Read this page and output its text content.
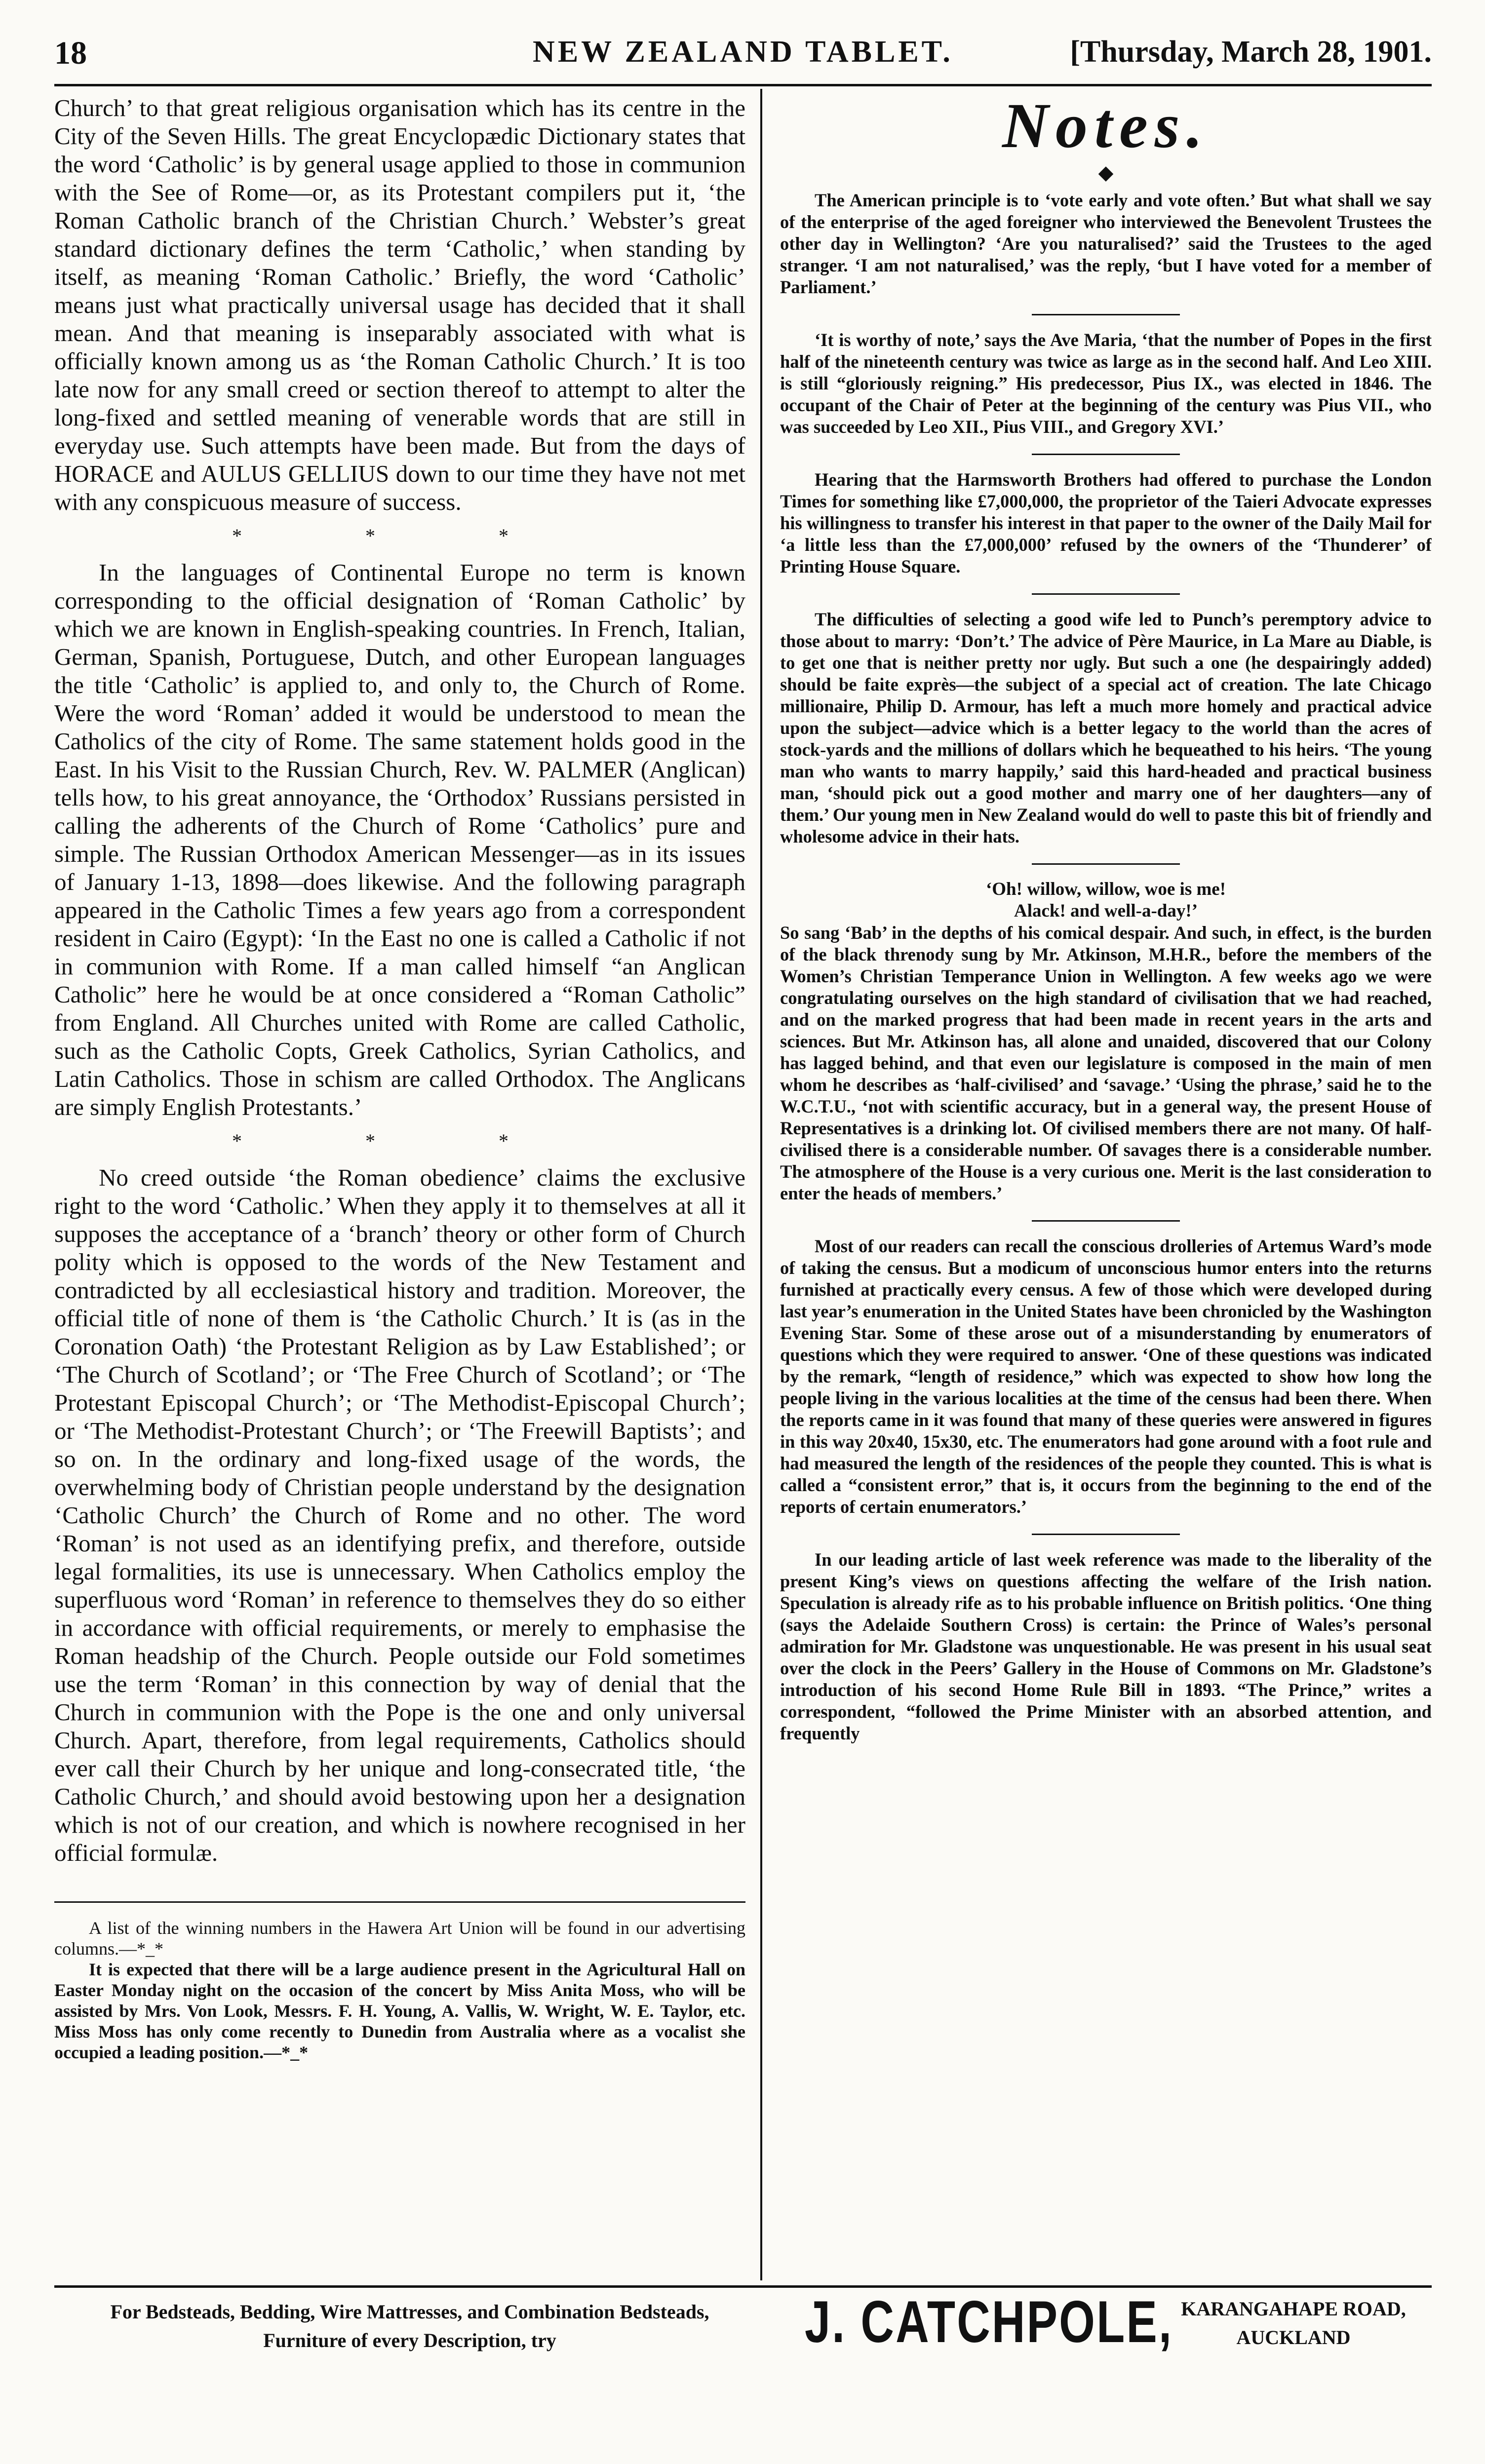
18	NEW ZEALAND TABLET.	[Thursday, March 28, 1901.

Church’ to that great religious organisation which has its centre in the City of the Seven Hills. The great Encyclopædic Dictionary states that the word ‘Catholic’ is by general usage applied to those in communion with the See of Rome—or, as its Protestant compilers put it, ‘the Roman Catholic branch of the Christian Church.’ Webster’s great standard dictionary defines the term ‘Catholic,’ when standing by itself, as meaning ‘Roman Catholic.’ Briefly, the word ‘Catholic’ means just what practically universal usage has decided that it shall mean. And that meaning is inseparably associated with what is officially known among us as ‘the Roman Catholic Church.’ It is too late now for any small creed or section thereof to attempt to alter the long-fixed and settled meaning of venerable words that are still in everyday use. Such attempts have been made. But from the days of HORACE and AULUS GELLIUS down to our time they have not met with any conspicuous measure of success.

* * *

In the languages of Continental Europe no term is known corresponding to the official designation of ‘Roman Catholic’ by which we are known in English-speaking countries. In French, Italian, German, Spanish, Portuguese, Dutch, and other European languages the title ‘Catholic’ is applied to, and only to, the Church of Rome. Were the word ‘Roman’ added it would be understood to mean the Catholics of the city of Rome. The same statement holds good in the East. In his Visit to the Russian Church, Rev. W. PALMER (Anglican) tells how, to his great annoyance, the ‘Orthodox’ Russians persisted in calling the adherents of the Church of Rome ‘Catholics’ pure and simple. The Russian Orthodox American Messenger—as in its issues of January 1-13, 1898—does likewise. And the following paragraph appeared in the Catholic Times a few years ago from a correspondent resident in Cairo (Egypt): ‘In the East no one is called a Catholic if not in communion with Rome. If a man called himself “an Anglican Catholic” here he would be at once considered a “Roman Catholic” from England. All Churches united with Rome are called Catholic, such as the Catholic Copts, Greek Catholics, Syrian Catholics, and Latin Catholics. Those in schism are called Orthodox. The Anglicans are simply English Protestants.’

* * *

No creed outside ‘the Roman obedience’ claims the exclusive right to the word ‘Catholic.’ When they apply it to themselves at all it supposes the acceptance of a ‘branch’ theory or other form of Church polity which is opposed to the words of the New Testament and contradicted by all ecclesiastical history and tradition. Moreover, the official title of none of them is ‘the Catholic Church.’ It is (as in the Coronation Oath) ‘the Protestant Religion as by Law Established’; or ‘The Church of Scotland’; or ‘The Free Church of Scotland’; or ‘The Protestant Episcopal Church’; or ‘The Methodist-Episcopal Church’; or ‘The Methodist-Protestant Church’; or ‘The Freewill Baptists’; and so on. In the ordinary and long-fixed usage of the words, the overwhelming body of Christian people understand by the designation ‘Catholic Church’ the Church of Rome and no other. The word ‘Roman’ is not used as an identifying prefix, and therefore, outside legal formalities, its use is unnecessary. When Catholics employ the superfluous word ‘Roman’ in reference to themselves they do so either in accordance with official requirements, or merely to emphasise the Roman headship of the Church. People outside our Fold sometimes use the term ‘Roman’ in this connection by way of denial that the Church in communion with the Pope is the one and only universal Church. Apart, therefore, from legal requirements, Catholics should ever call their Church by her unique and long-consecrated title, ‘the Catholic Church,’ and should avoid bestowing upon her a designation which is not of our creation, and which is nowhere recognised in her official formulæ.

A list of the winning numbers in the Hawera Art Union will be found in our advertising columns.—*_*

It is expected that there will be a large audience present in the Agricultural Hall on Easter Monday night on the occasion of the concert by Miss Anita Moss, who will be assisted by Mrs. Von Look, Messrs. F. H. Young, A. Vallis, W. Wright, W. E. Taylor, etc. Miss Moss has only come recently to Dunedin from Australia where as a vocalist she occupied a leading position.—*_*

Notes.
◆

The American principle is to ‘vote early and vote often.’ But what shall we say of the enterprise of the aged foreigner who interviewed the Benevolent Trustees the other day in Wellington? ‘Are you naturalised?’ said the Trustees to the aged stranger. ‘I am not naturalised,’ was the reply, ‘but I have voted for a member of Parliament.’

‘It is worthy of note,’ says the Ave Maria, ‘that the number of Popes in the first half of the nineteenth century was twice as large as in the second half. And Leo XIII. is still “gloriously reigning.” His predecessor, Pius IX., was elected in 1846. The occupant of the Chair of Peter at the beginning of the century was Pius VII., who was succeeded by Leo XII., Pius VIII., and Gregory XVI.’

Hearing that the Harmsworth Brothers had offered to purchase the London Times for something like £7,000,000, the proprietor of the Taieri Advocate expresses his willingness to transfer his interest in that paper to the owner of the Daily Mail for ‘a little less than the £7,000,000’ refused by the owners of the ‘Thunderer’ of Printing House Square.

The difficulties of selecting a good wife led to Punch’s peremptory advice to those about to marry: ‘Don’t.’ The advice of Père Maurice, in La Mare au Diable, is to get one that is neither pretty nor ugly. But such a one (he despairingly added) should be faite exprès—the subject of a special act of creation. The late Chicago millionaire, Philip D. Armour, has left a much more homely and practical advice upon the subject—advice which is a better legacy to the world than the acres of stock-yards and the millions of dollars which he bequeathed to his heirs. ‘The young man who wants to marry happily,’ said this hard-headed and practical business man, ‘should pick out a good mother and marry one of her daughters—any of them.’ Our young men in New Zealand would do well to paste this bit of friendly and wholesome advice in their hats.

‘Oh! willow, willow, woe is me!
Alack! and well-a-day!’

So sang ‘Bab’ in the depths of his comical despair. And such, in effect, is the burden of the black threnody sung by Mr. Atkinson, M.H.R., before the members of the Women’s Christian Temperance Union in Wellington. A few weeks ago we were congratulating ourselves on the high standard of civilisation that we had reached, and on the marked progress that had been made in recent years in the arts and sciences. But Mr. Atkinson has, all alone and unaided, discovered that our Colony has lagged behind, and that even our legislature is composed in the main of men whom he describes as ‘half-civilised’ and ‘savage.’ ‘Using the phrase,’ said he to the W.C.T.U., ‘not with scientific accuracy, but in a general way, the present House of Representatives is a drinking lot. Of civilised members there are not many. Of half-civilised there is a considerable number. Of savages there is a considerable number. The atmosphere of the House is a very curious one. Merit is the last consideration to enter the heads of members.’

Most of our readers can recall the conscious drolleries of Artemus Ward’s mode of taking the census. But a modicum of unconscious humor enters into the returns furnished at practically every census. A few of those which were developed during last year’s enumeration in the United States have been chronicled by the Washington Evening Star. Some of these arose out of a misunderstanding by enumerators of questions which they were required to answer. ‘One of these questions was indicated by the remark, “length of residence,” which was expected to show how long the people living in the various localities at the time of the census had been there. When the reports came in it was found that many of these queries were answered in figures in this way 20x40, 15x30, etc. The enumerators had gone around with a foot rule and had measured the length of the residences of the people they counted. This is what is called a “consistent error,” that is, it occurs from the beginning to the end of the reports of certain enumerators.’

In our leading article of last week reference was made to the liberality of the present King’s views on questions affecting the welfare of the Irish nation. Speculation is already rife as to his probable influence on British politics. ‘One thing (says the Adelaide Southern Cross) is certain: the Prince of Wales’s personal admiration for Mr. Gladstone was unquestionable. He was present in his usual seat over the clock in the Peers’ Gallery in the House of Commons on Mr. Gladstone’s introduction of his second Home Rule Bill in 1893. “The Prince,” writes a correspondent, “followed the Prime Minister with an absorbed attention, and frequently

For Bedsteads, Bedding, Wire Mattresses, and Combination Bedsteads,
Furniture of every Description, try	J. CATCHPOLE, KARANGAHAPE ROAD,
AUCKLAND
